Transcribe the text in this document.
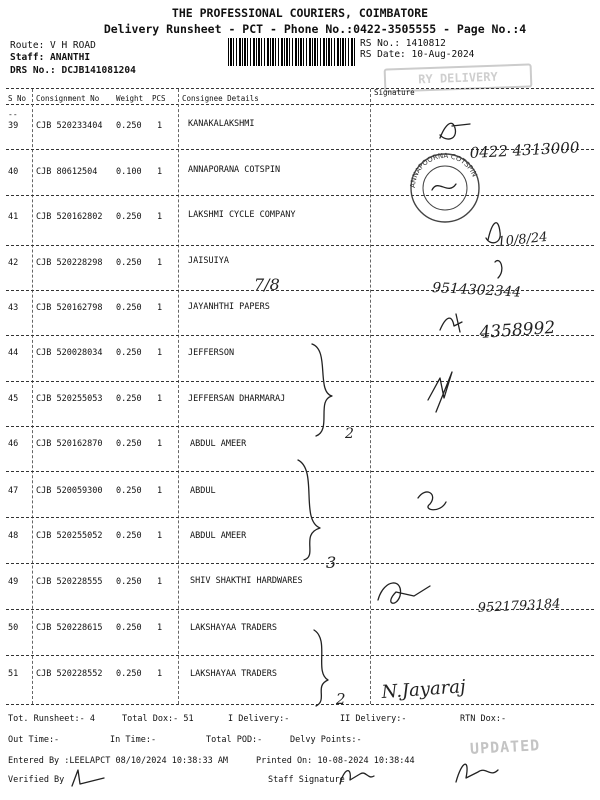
THE PROFESSIONAL COURIERS, COIMBATORE
Delivery Runsheet - PCT - Phone No.:0422-3505555 - Page No.:4
Route: V H ROAD
Staff: ANANTHI
DRS No.: DCJB141081204
RS No.: 1410812
RS Date: 10-Aug-2024
RY DELIVERY
S No Consignment No Weight PCS Consignee Details
Signature
--
39 CJB 520233404 0.250 1	KANAKALAKSHMI
40 CJB 80612504 0.100 1	ANNAPORANA COTSPIN
41 CJB 520162802 0.250 1	LAKSHMI CYCLE COMPANY
42 CJB 520228298 0.250 1	JAISUIYA
43 CJB 520162798 0.250 1	JAYANHTHI PAPERS
44 CJB 520028034 0.250 1	JEFFERSON
45 CJB 520255053 0.250 1	JEFFERSAN DHARMARAJ
46 CJB 520162870 0.250 1	ABDUL AMEER
47 CJB 520059300 0.250 1	ABDUL
48 CJB 520255052 0.250 1	ABDUL AMEER
49 CJB 520228555 0.250 1	SHIV SHAKTHI HARDWARES
50 CJB 520228615 0.250 1	LAKSHAYAA TRADERS
51 CJB 520228552 0.250 1	LAKSHAYAA TRADERS
0422 4313000
ANNAPOORNA COTSPIN
10/8/24
7/8	9514302344
4358992
2
3
9521793184
2 N.Jayaraj
Tot. Runsheet:- 4	Total Dox:- 51	I Delivery:-	II Delivery:-	RTN Dox:-
Out Time:-	In Time:-	Total POD:-	Delvy Points:-
Entered By :LEELAPCT 08/10/2024 10:38:33 AM	Printed On: 10-08-2024 10:38:44
Verified By	Staff Signature
UPDATED
